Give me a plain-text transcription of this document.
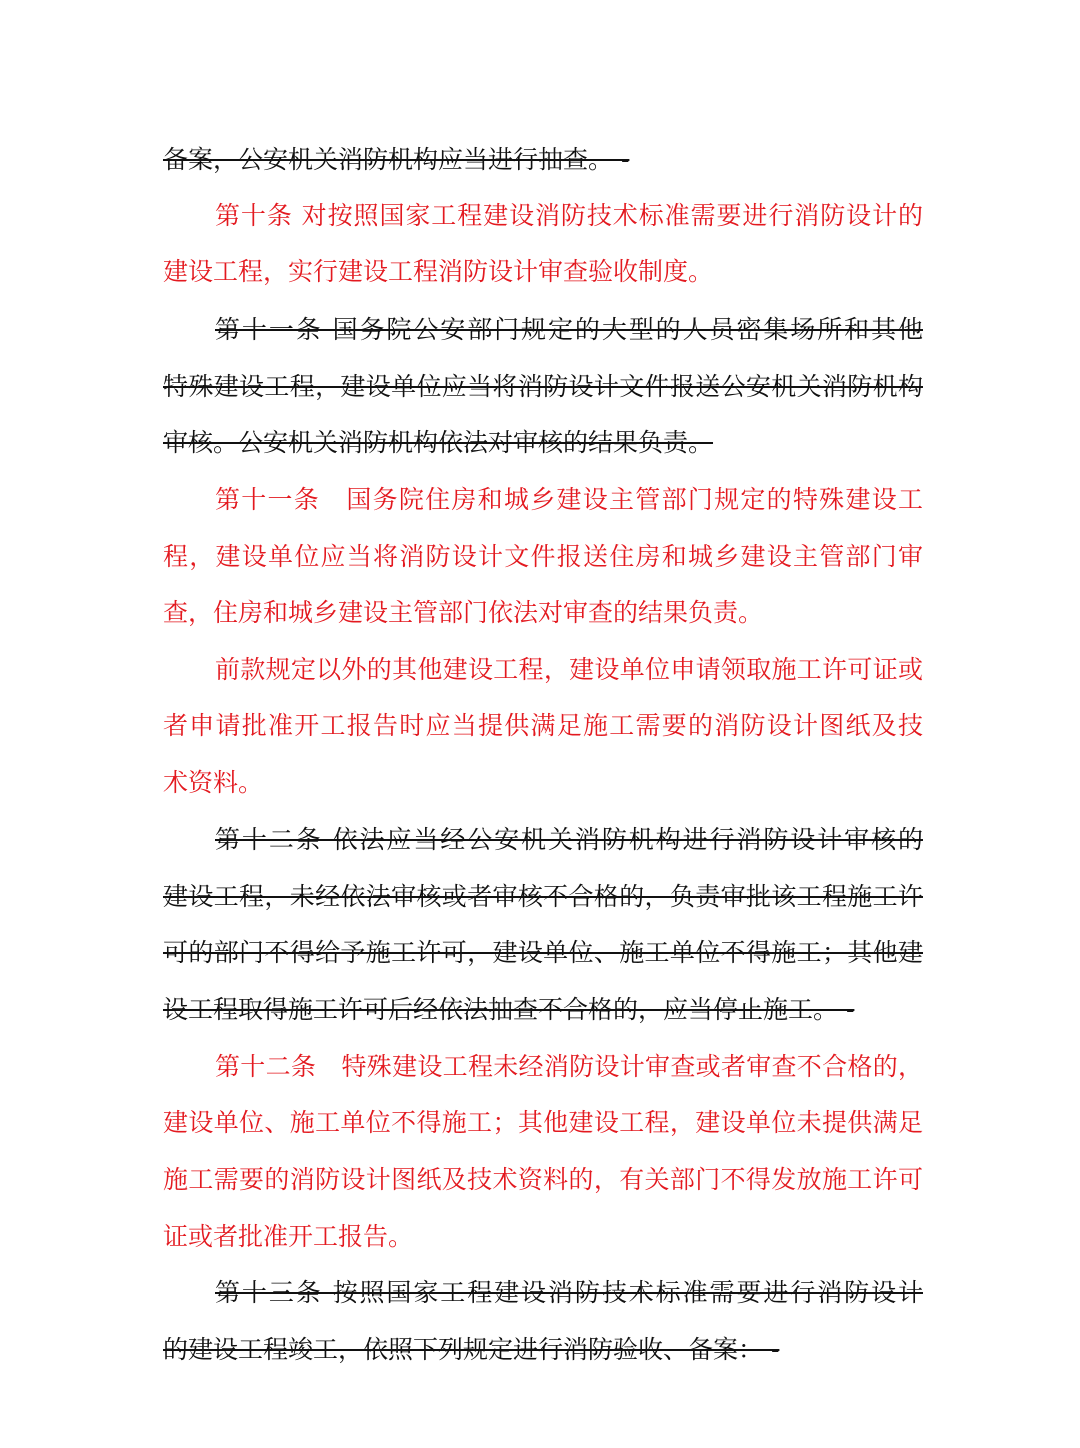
备案，公安机关消防机构应当进行抽查。 -
第十条 对按照国家工程建设消防技术标准需要进行消防设计的
建设工程，实行建设工程消防设计审查验收制度。
第十一条 国务院公安部门规定的大型的人员密集场所和其他
特殊建设工程，建设单位应当将消防设计文件报送公安机关消防机构
审核。公安机关消防机构依法对审核的结果负责。
第十一条　国务院住房和城乡建设主管部门规定的特殊建设工
程，建设单位应当将消防设计文件报送住房和城乡建设主管部门审
查，住房和城乡建设主管部门依法对审查的结果负责。
前款规定以外的其他建设工程，建设单位申请领取施工许可证或
者申请批准开工报告时应当提供满足施工需要的消防设计图纸及技
术资料。
第十二条 依法应当经公安机关消防机构进行消防设计审核的
建设工程，未经依法审核或者审核不合格的，负责审批该工程施工许
可的部门不得给予施工许可，建设单位、施工单位不得施工；其他建
设工程取得施工许可后经依法抽查不合格的，应当停止施工。 -
第十二条　特殊建设工程未经消防设计审查或者审查不合格的，
建设单位、施工单位不得施工；其他建设工程，建设单位未提供满足
施工需要的消防设计图纸及技术资料的，有关部门不得发放施工许可
证或者批准开工报告。
第十三条 按照国家工程建设消防技术标准需要进行消防设计
的建设工程竣工，依照下列规定进行消防验收、备案： -
